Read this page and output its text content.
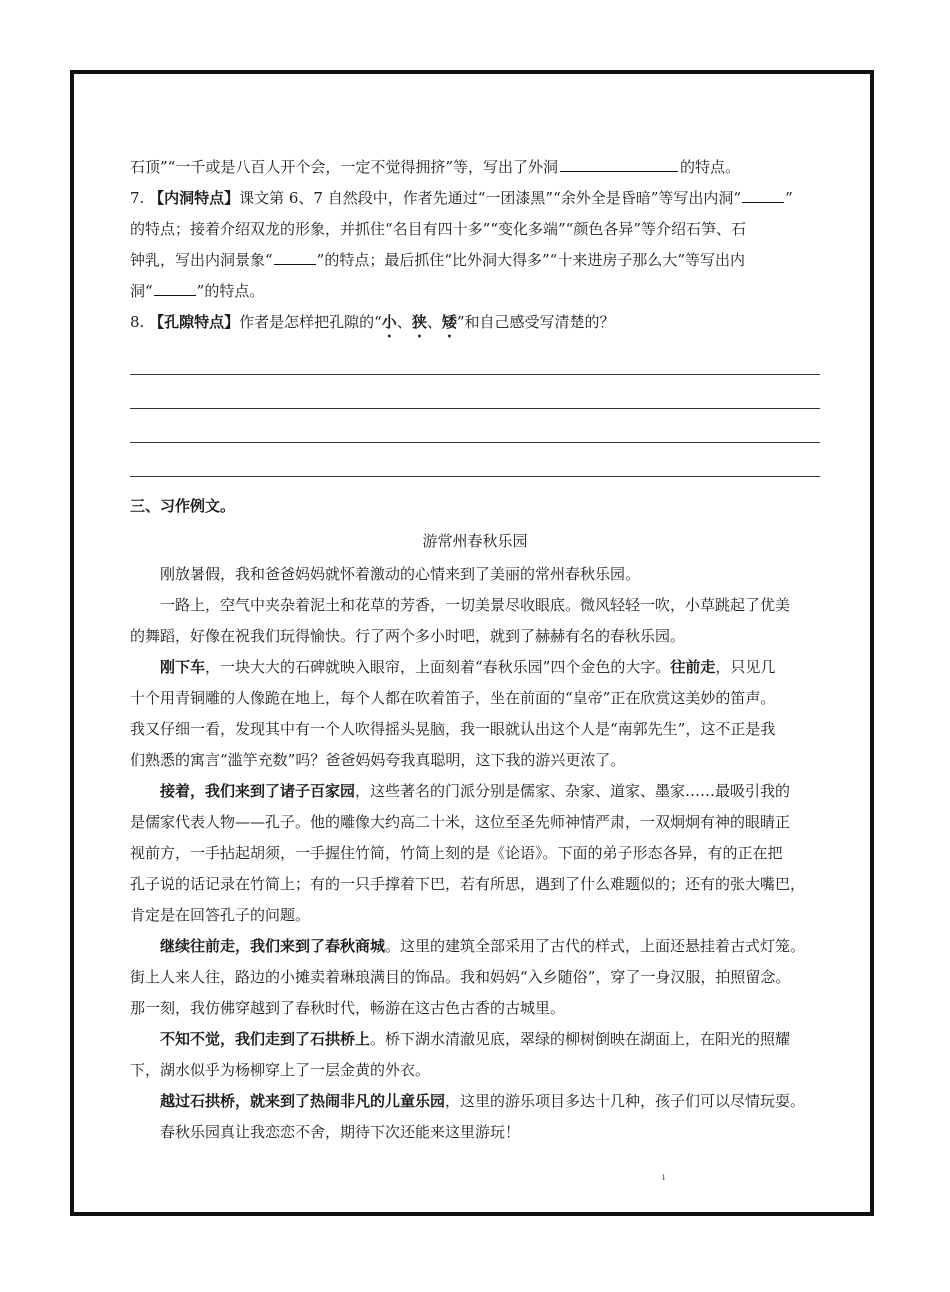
石顶”“一千或是八百人开个会，一定不觉得拥挤”等，写出了外洞	的特点。
7. 【内洞特点】课文第 6、7 自然段中，作者先通过“一团漆黑”“余外全是昏暗”等写出内洞“	”
的特点；接着介绍双龙的形象，并抓住“名目有四十多”“变化多端”“颜色各异”等介绍石笋、石
钟乳，写出内洞景象“	”的特点；最后抓住“比外洞大得多”“十来进房子那么大”等写出内
洞“	”的特点。
8. 【孔隙特点】作者是怎样把孔隙的“小、狭、矮”和自己感受写清楚的？
三、习作例文。
游常州春秋乐园
刚放暑假，我和爸爸妈妈就怀着激动的心情来到了美丽的常州春秋乐园。
一路上，空气中夹杂着泥土和花草的芳香，一切美景尽收眼底。微风轻轻一吹，小草跳起了优美
的舞蹈，好像在祝我们玩得愉快。行了两个多小时吧，就到了赫赫有名的春秋乐园。
刚下车，一块大大的石碑就映入眼帘，上面刻着“春秋乐园”四个金色的大字。往前走，只见几
十个用青铜雕的人像跪在地上，每个人都在吹着笛子，坐在前面的“皇帝”正在欣赏这美妙的笛声。
我又仔细一看，发现其中有一个人吹得摇头晃脑，我一眼就认出这个人是“南郭先生”，这不正是我
们熟悉的寓言“滥竽充数”吗？爸爸妈妈夸我真聪明，这下我的游兴更浓了。
接着，我们来到了诸子百家园，这些著名的门派分别是儒家、杂家、道家、墨家……最吸引我的
是儒家代表人物——孔子。他的雕像大约高二十米，这位至圣先师神情严肃，一双炯炯有神的眼睛正
视前方，一手拈起胡须，一手握住竹简，竹简上刻的是《论语》。下面的弟子形态各异，有的正在把
孔子说的话记录在竹简上；有的一只手撑着下巴，若有所思，遇到了什么难题似的；还有的张大嘴巴，
肯定是在回答孔子的问题。
继续往前走，我们来到了春秋商城。这里的建筑全部采用了古代的样式，上面还悬挂着古式灯笼。
街上人来人往，路边的小摊卖着琳琅满目的饰品。我和妈妈“入乡随俗”，穿了一身汉服，拍照留念。
那一刻，我仿佛穿越到了春秋时代，畅游在这古色古香的古城里。
不知不觉，我们走到了石拱桥上。桥下湖水清澈见底，翠绿的柳树倒映在湖面上，在阳光的照耀
下，湖水似乎为杨柳穿上了一层金黄的外衣。
越过石拱桥，就来到了热闹非凡的儿童乐园，这里的游乐项目多达十几种，孩子们可以尽情玩耍。
春秋乐园真让我恋恋不舍，期待下次还能来这里游玩！
ı
